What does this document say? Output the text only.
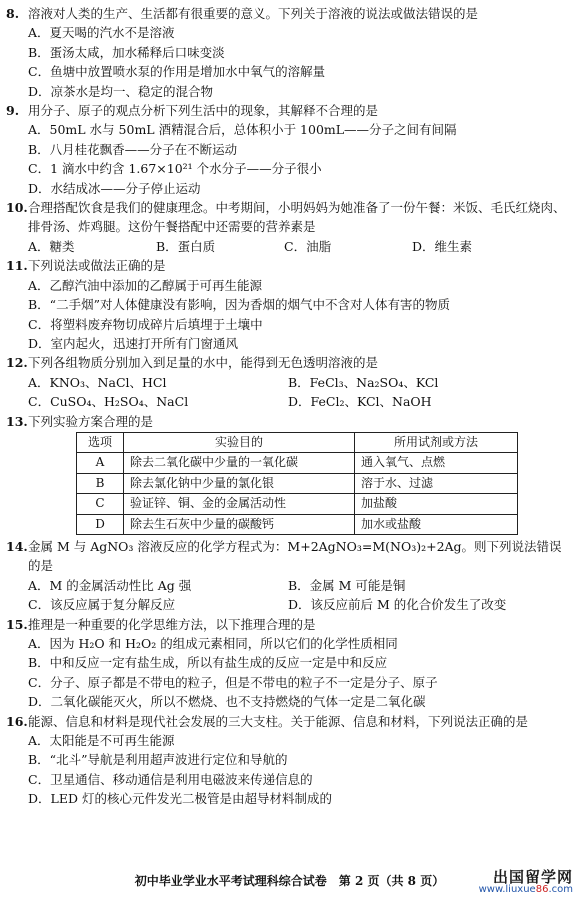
8. 溶液对人类的生产、生活都有很重要的意义。下列关于溶液的说法或做法错误的是
A．夏天喝的汽水不是溶液
B．蛋汤太咸，加水稀释后口味变淡
C．鱼塘中放置喷水泵的作用是增加水中氧气的溶解量
D．凉茶水是均一、稳定的混合物
9. 用分子、原子的观点分析下列生活中的现象，其解释不合理的是
A．50mL 水与 50mL 酒精混合后，总体积小于 100mL——分子之间有间隔
B．八月桂花飘香——分子在不断运动
C．1 滴水中约含 1.67×10²¹ 个水分子——分子很小
D．水结成冰——分子停止运动
10. 合理搭配饮食是我们的健康理念。中考期间，小明妈妈为她准备了一份午餐：米饭、毛氏红烧肉、排骨汤、炸鸡腿。这份午餐搭配中还需要的营养素是
A．糖类	B．蛋白质	C．油脂	D．维生素
11. 下列说法或做法正确的是
A．乙醇汽油中添加的乙醇属于可再生能源
B．“二手烟”对人体健康没有影响，因为香烟的烟气中不含对人体有害的物质
C．将塑料废弃物切成碎片后填埋于土壤中
D．室内起火，迅速打开所有门窗通风
12. 下列各组物质分别加入到足量的水中，能得到无色透明溶液的是
A．KNO₃、NaCl、HCl	B．FeCl₃、Na₂SO₄、KCl
C．CuSO₄、H₂SO₄、NaCl	D．FeCl₂、KCl、NaOH
13. 下列实验方案合理的是
选项	实验目的	所用试剂或方法
A	除去二氧化碳中少量的一氧化碳	通入氧气、点燃
B	除去氯化钠中少量的氯化银	溶于水、过滤
C	验证锌、铜、金的金属活动性	加盐酸
D	除去生石灰中少量的碳酸钙	加水或盐酸
14. 金属 M 与 AgNO₃ 溶液反应的化学方程式为：M+2AgNO₃=M(NO₃)₂+2Ag。则下列说法错误的是
A．M 的金属活动性比 Ag 强	B．金属 M 可能是铜
C．该反应属于复分解反应	D．该反应前后 M 的化合价发生了改变
15. 推理是一种重要的化学思维方法，以下推理合理的是
A．因为 H₂O 和 H₂O₂ 的组成元素相同，所以它们的化学性质相同
B．中和反应一定有盐生成，所以有盐生成的反应一定是中和反应
C．分子、原子都是不带电的粒子，但是不带电的粒子不一定是分子、原子
D．二氧化碳能灭火，所以不燃烧、也不支持燃烧的气体一定是二氧化碳
16. 能源、信息和材料是现代社会发展的三大支柱。关于能源、信息和材料，下列说法正确的是
A．太阳能是不可再生能源
B．“北斗”导航是利用超声波进行定位和导航的
C．卫星通信、移动通信是利用电磁波来传递信息的
D．LED 灯的核心元件发光二极管是由超导材料制成的
初中毕业学业水平考试理科综合试卷　第 2 页（共 8 页）	出国留学网
www.liuxue86.com
